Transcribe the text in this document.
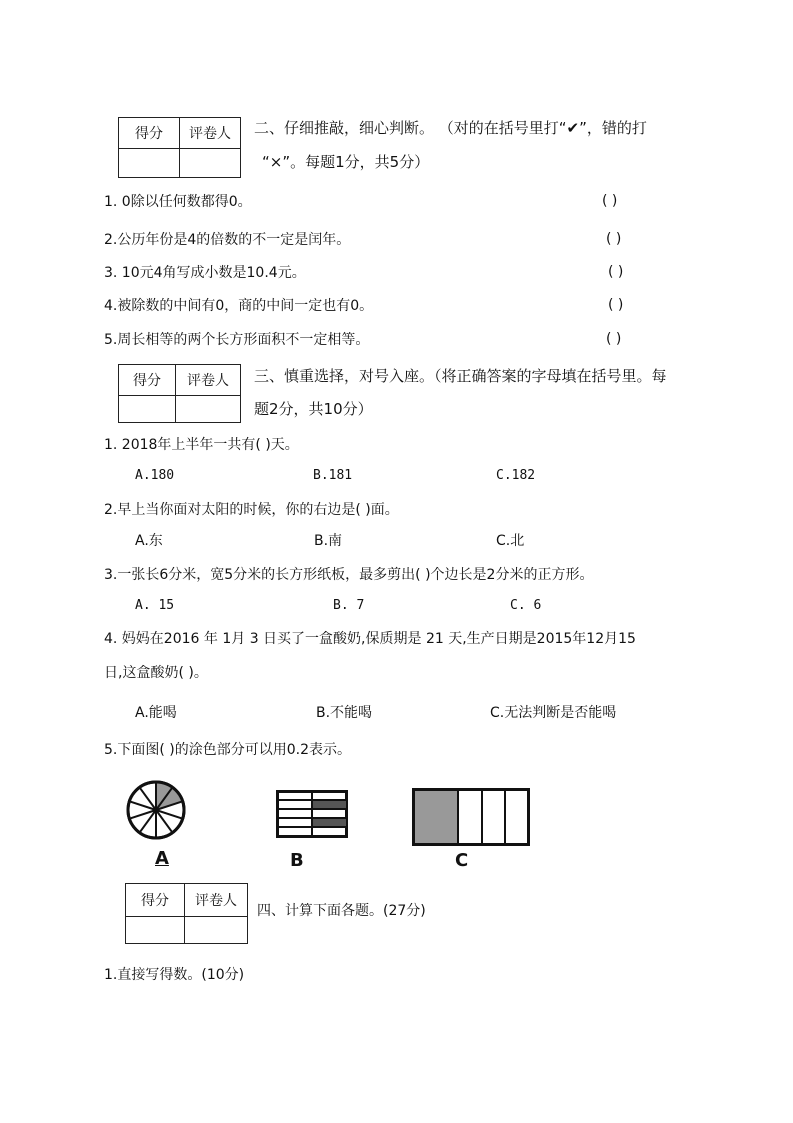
得分	评卷人
	二、仔细推敲，细心判断。 （对的在括号里打“✔”，错的打
“×”。每题1分，共5分）
1. 0除以任何数都得0。	( )
2.公历年份是4的倍数的不一定是闰年。	( )
3. 10元4角写成小数是10.4元。	( )
4.被除数的中间有0，商的中间一定也有0。	( )
5.周长相等的两个长方形面积不一定相等。	( )
得分	评卷人
	三、慎重选择，对号入座。（将正确答案的字母填在括号里。每
题2分，共10分）
1. 2018年上半年一共有( )天。
A.180	B.181	C.182
2.早上当你面对太阳的时候，你的右边是( )面。
A.东	B.南	C.北
3.一张长6分米，宽5分米的长方形纸板，最多剪出( )个边长是2分米的正方形。
A. 15	B. 7	C. 6
4. 妈妈在2016 年 1月 3 日买了一盒酸奶,保质期是 21 天,生产日期是2015年12月15
日,这盒酸奶( )。
A.能喝	B.不能喝	C.无法判断是否能喝
5.下面图( )的涂色部分可以用0.2表示。
A	B	C
得分	评卷人

四、计算下面各题。(27分)
1.直接写得数。(10分)
